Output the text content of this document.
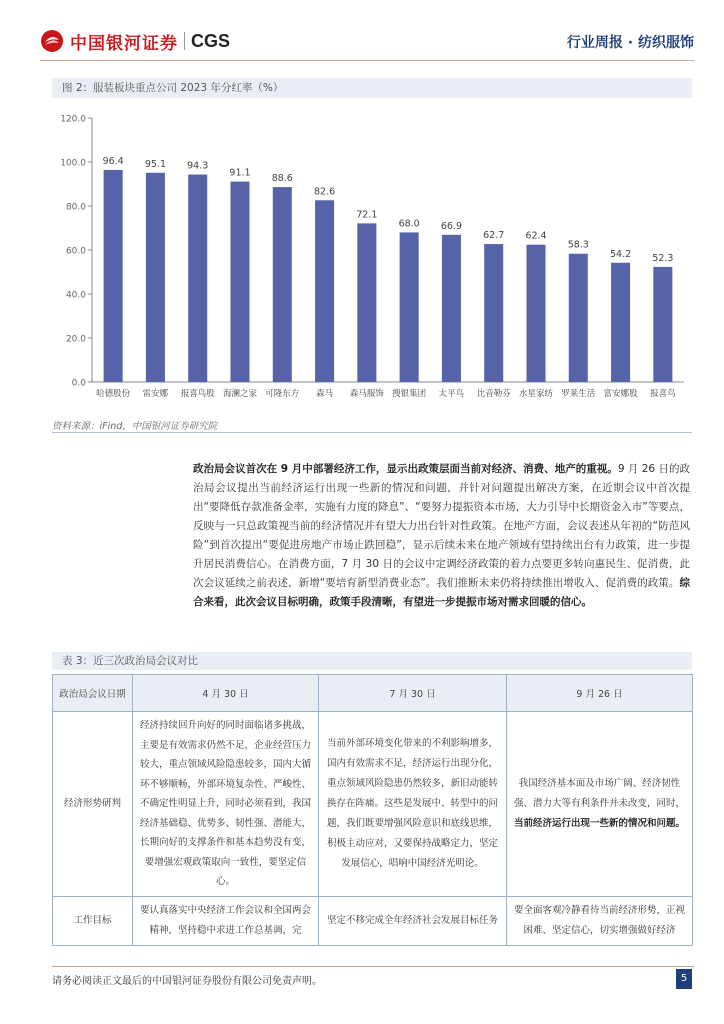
中国银河证券 CGS	行业周报 · 纺织服饰
图 2：服装板块重点公司 2023 年分红率（%）
0.0
20.0
40.0
60.0
80.0
100.0
120.0
96.4
哈德股份
95.1
雷安娜
94.3
报喜鸟股
91.1
海澜之家
88.6
可隆东方
82.6
森马
72.1
森马服饰
68.0
搜银集团
66.9
太平鸟
62.7
比音勒芬
62.4
水星家纺
58.3
罗莱生活
54.2
富安娜股
52.3
报喜鸟
资料来源：iFind，中国银河证券研究院
政治局会议首次在 9 月中部署经济工作，显示出政策层面当前对经济、消费、地产的重视。9 月 26 日的政治局会议提出当前经济运行出现一些新的情况和问题，并针对问题提出解决方案，在近期会议中首次提出“要降低存款准备金率，实施有力度的降息”、“要努力提振资本市场，大力引导中长期资金入市”等要点，反映与一只总政策视当前的经济情况并有望大力出台针对性政策。在地产方面，会议表述从年初的“防范风险”到首次提出“要促进房地产市场止跌回稳”，显示后续未来在地产领域有望持续出台有力政策，进一步提升居民消费信心。在消费方面，7 月 30 日的会议中定调经济政策的着力点要更多转向惠民生、促消费，此次会议延续之前表述，新增“要培育新型消费业态”。我们推断未来仍将持续推出增收入、促消费的政策。综合来看，此次会议目标明确，政策手段清晰，有望进一步提振市场对需求回暖的信心。
表 3：近三次政治局会议对比
政治局会议日期	4 月 30 日	7 月 30 日	9 月 26 日
经济形势研判	经济持续回升向好的同时面临诸多挑战，主要是有效需求仍然不足，企业经营压力较大，重点领域风险隐患较多，国内大循环不够顺畅，外部环境复杂性、严峻性、不确定性明显上升，同时必须看到，我国经济基础稳、优势多、韧性强、潜能大，长期向好的支撑条件和基本趋势没有变，要增强宏观政策取向一致性，要坚定信心。	当前外部环境变化带来的不利影响增多，国内有效需求不足，经济运行出现分化，重点领域风险隐患仍然较多，新旧动能转换存在阵痛。这些是发展中、转型中的问题，我们既要增强风险意识和底线思维，积极主动应对，又要保持战略定力，坚定发展信心，唱响中国经济光明论。	我国经济基本面及市场广阔、经济韧性强、潜力大等有利条件并未改变，同时，当前经济运行出现一些新的情况和问题。
工作目标	要认真落实中央经济工作会议和全国两会精神，坚持稳中求进工作总基调，完	坚定不移完成全年经济社会发展目标任务	要全面客观冷静看待当前经济形势，正视困难、坚定信心，切实增强做好经济
请务必阅读正文最后的中国银河证券股份有限公司免责声明。	5
